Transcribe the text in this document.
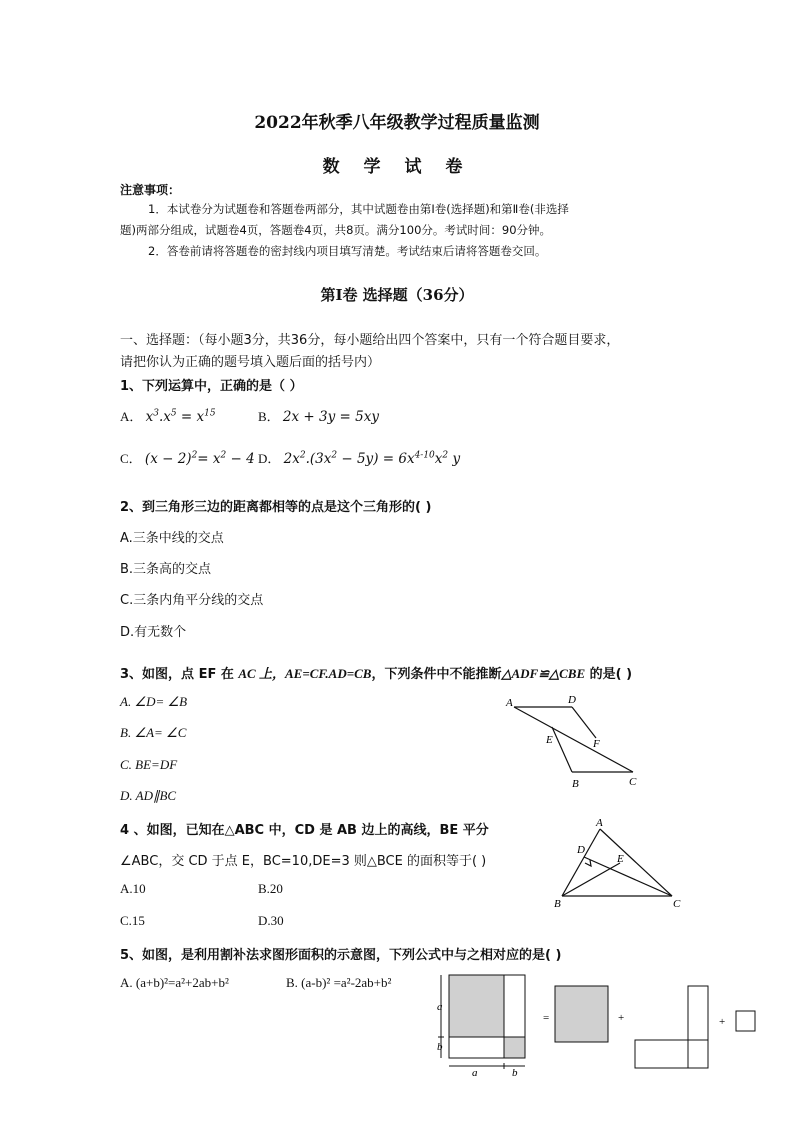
2022年秋季八年级教学过程质量监测
数 学 试 卷
注意事项：
1．本试卷分为试题卷和答题卷两部分，其中试题卷由第Ⅰ卷(选择题)和第Ⅱ卷(非选择
题)两部分组成，试题卷4页，答题卷4页，共8页。满分100分。考试时间：90分钟。
2．答卷前请将答题卷的密封线内项目填写清楚。考试结束后请将答题卷交回。
第Ⅰ卷 选择题（36分）
一、选择题：（每小题3分，共36分，每小题给出四个答案中，只有一个符合题目要求，
请把你认为正确的题号填入题后面的括号内）
1、下列运算中，正确的是（ ）
A． $x^3.x^5 = x^{15}$	B． 2x + 3y = 5xy
C． $(x - 2)^2= x^2 - 4$ D． $2x^2.(3x^2 - 5y) = 6x^{4-10}x^2$ y
2、到三角形三边的距离都相等的点是这个三角形的( )
A.三条中线的交点
B.三条高的交点
C.三条内角平分线的交点
D.有无数个
3、如图，点 EF 在 AC 上，AE=CF.AD=CB，下列条件中不能推断△ADF≌△CBE 的是( )
A. ∠D= ∠B
B. ∠A= ∠C
C. BE=DF
D. AD∥BC
A	D
E	F
B	C
4 、如图，已知在△ABC 中，CD 是 AB 边上的高线，BE 平分
∠ABC，交 CD 于点 E，BC=10,DE=3 则△BCE 的面积等于( )
A.10	B.20
C.15	D.30
A
D
E
B	C
5、如图，是利用割补法求图形面积的示意图，下列公式中与之相对应的是( )
A. (a+b)²=a²+2ab+b²	B. (a-b)² =a²-2ab+b²
a
b
a	b
=	+	+
